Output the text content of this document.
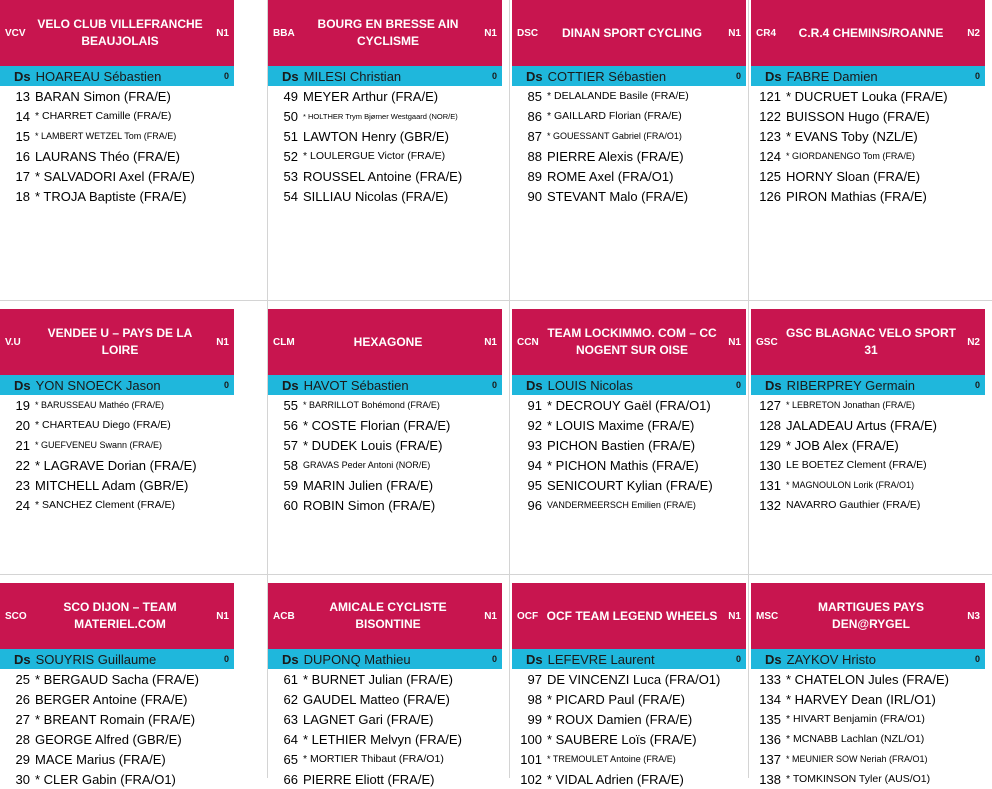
VCV
VELO CLUB VILLEFRANCHE BEAUJOLAIS
N1
Ds HOAREAU Sébastien	0
13 BARAN Simon (FRA/E)
14 * CHARRET Camille (FRA/E)
15 * LAMBERT WETZEL Tom (FRA/E)
16 LAURANS Théo (FRA/E)
17 * SALVADORI Axel (FRA/E)
18 * TROJA Baptiste (FRA/E)
BBA
BOURG EN BRESSE AIN CYCLISME
N1
Ds MILESI Christian	0
49 MEYER Arthur (FRA/E)
50 * HOLTHER Trym Bjørner Westgaard (NOR/E)
51 LAWTON Henry (GBR/E)
52 * LOULERGUE Victor (FRA/E)
53 ROUSSEL Antoine (FRA/E)
54 SILLIAU Nicolas (FRA/E)
DSC	DINAN SPORT CYCLING	N1
Ds COTTIER Sébastien	0
85 * DELALANDE Basile (FRA/E)
86 * GAILLARD Florian (FRA/E)
87 * GOUESSANT Gabriel (FRA/O1)
88 PIERRE Alexis (FRA/E)
89 ROME Axel (FRA/O1)
90 STEVANT Malo (FRA/E)
CR4	C.R.4 CHEMINS/ROANNE	N2
Ds FABRE Damien	0
121 * DUCRUET Louka (FRA/E)
122 BUISSON Hugo (FRA/E)
123 * EVANS Toby (NZL/E)
124 * GIORDANENGO Tom (FRA/E)
125 HORNY Sloan (FRA/E)
126 PIRON Mathias (FRA/E)
V.U
VENDEE U – PAYS DE LA LOIRE
N1
Ds YON SNOECK Jason	0
19 * BARUSSEAU Mathéo (FRA/E)
20 * CHARTEAU Diego (FRA/E)
21 * GUEFVENEU Swann (FRA/E)
22 * LAGRAVE Dorian (FRA/E)
23 MITCHELL Adam (GBR/E)
24 * SANCHEZ Clement (FRA/E)
CLM	HEXAGONE	N1
Ds HAVOT Sébastien	0
55 * BARRILLOT Bohémond (FRA/E)
56 * COSTE Florian (FRA/E)
57 * DUDEK Louis (FRA/E)
58 GRAVAS Peder Antoni (NOR/E)
59 MARIN Julien (FRA/E)
60 ROBIN Simon (FRA/E)
CCN
TEAM LOCKIMMO. COM – CC NOGENT SUR OISE
N1
Ds LOUIS Nicolas	0
91 * DECROUY Gaël (FRA/O1)
92 * LOUIS Maxime (FRA/E)
93 PICHON Bastien (FRA/E)
94 * PICHON Mathis (FRA/E)
95 SENICOURT Kylian (FRA/E)
96 VANDERMEERSCH Emilien (FRA/E)
GSC
GSC BLAGNAC VELO SPORT 31
N2
Ds RIBERPREY Germain	0
127 * LEBRETON Jonathan (FRA/E)
128 JALADEAU Artus (FRA/E)
129 * JOB Alex (FRA/E)
130 LE BOETEZ Clement (FRA/E)
131 * MAGNOULON Lorik (FRA/O1)
132 NAVARRO Gauthier (FRA/E)
SCO
SCO DIJON – TEAM MATERIEL.COM
N1
Ds SOUYRIS Guillaume	0
25 * BERGAUD Sacha (FRA/E)
26 BERGER Antoine (FRA/E)
27 * BREANT Romain (FRA/E)
28 GEORGE Alfred (GBR/E)
29 MACE Marius (FRA/E)
30 * CLER Gabin (FRA/O1)
ACB
AMICALE CYCLISTE BISONTINE
N1
Ds DUPONQ Mathieu	0
61 * BURNET Julian (FRA/E)
62 GAUDEL Matteo (FRA/E)
63 LAGNET Gari (FRA/E)
64 * LETHIER Melvyn (FRA/E)
65 * MORTIER Thibaut (FRA/O1)
66 PIERRE Eliott (FRA/E)
OCF OCF TEAM LEGEND WHEELS	N1
Ds LEFEVRE Laurent	0
97 DE VINCENZI Luca (FRA/O1)
98 * PICARD Paul (FRA/E)
99 * ROUX Damien (FRA/E)
100 * SAUBERE Loïs (FRA/E)
101 * TREMOULET Antoine (FRA/E)
102 * VIDAL Adrien (FRA/E)
MSC
MARTIGUES PAYS DEN@RYGEL
N3
Ds ZAYKOV Hristo	0
133 * CHATELON Jules (FRA/E)
134 * HARVEY Dean (IRL/O1)
135 * HIVART Benjamin (FRA/O1)
136 * MCNABB Lachlan (NZL/O1)
137 * MEUNIER SOW Neriah (FRA/O1)
138 * TOMKINSON Tyler (AUS/O1)
